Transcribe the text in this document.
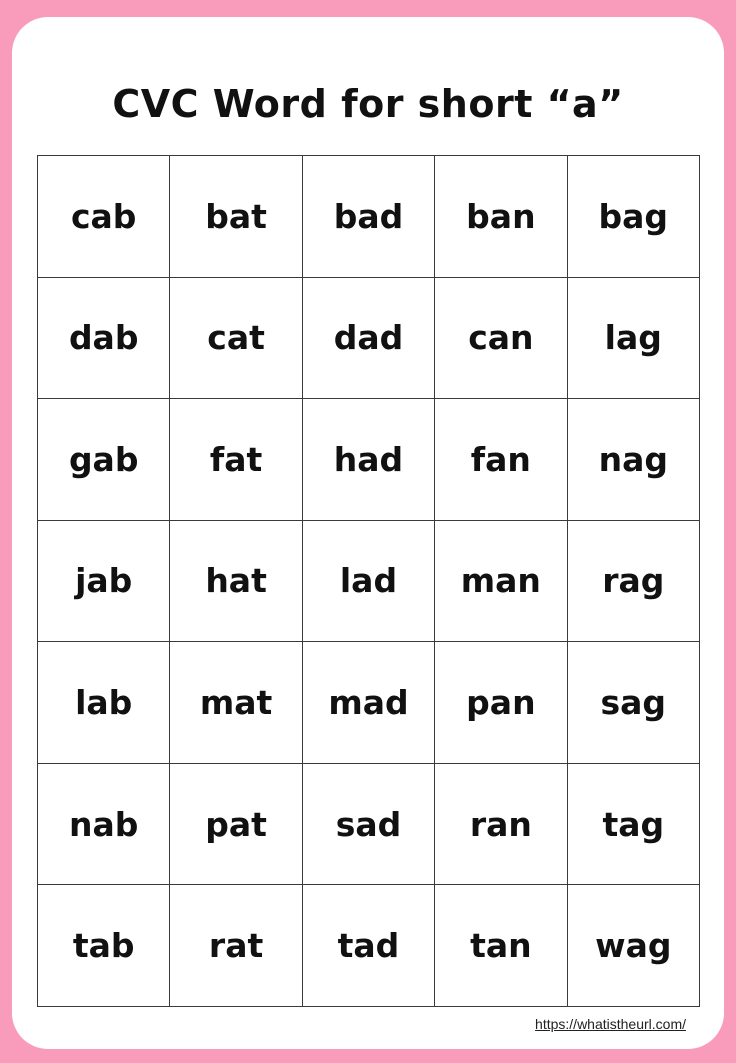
CVC Word for short “a”
cab	bat	bad	ban	bag
dab	cat	dad	can	lag
gab	fat	had	fan	nag
jab	hat	lad	man	rag
lab	mat	mad	pan	sag
nab	pat	sad	ran	tag
tab	rat	tad	tan	wag
https://whatistheurl.com/
